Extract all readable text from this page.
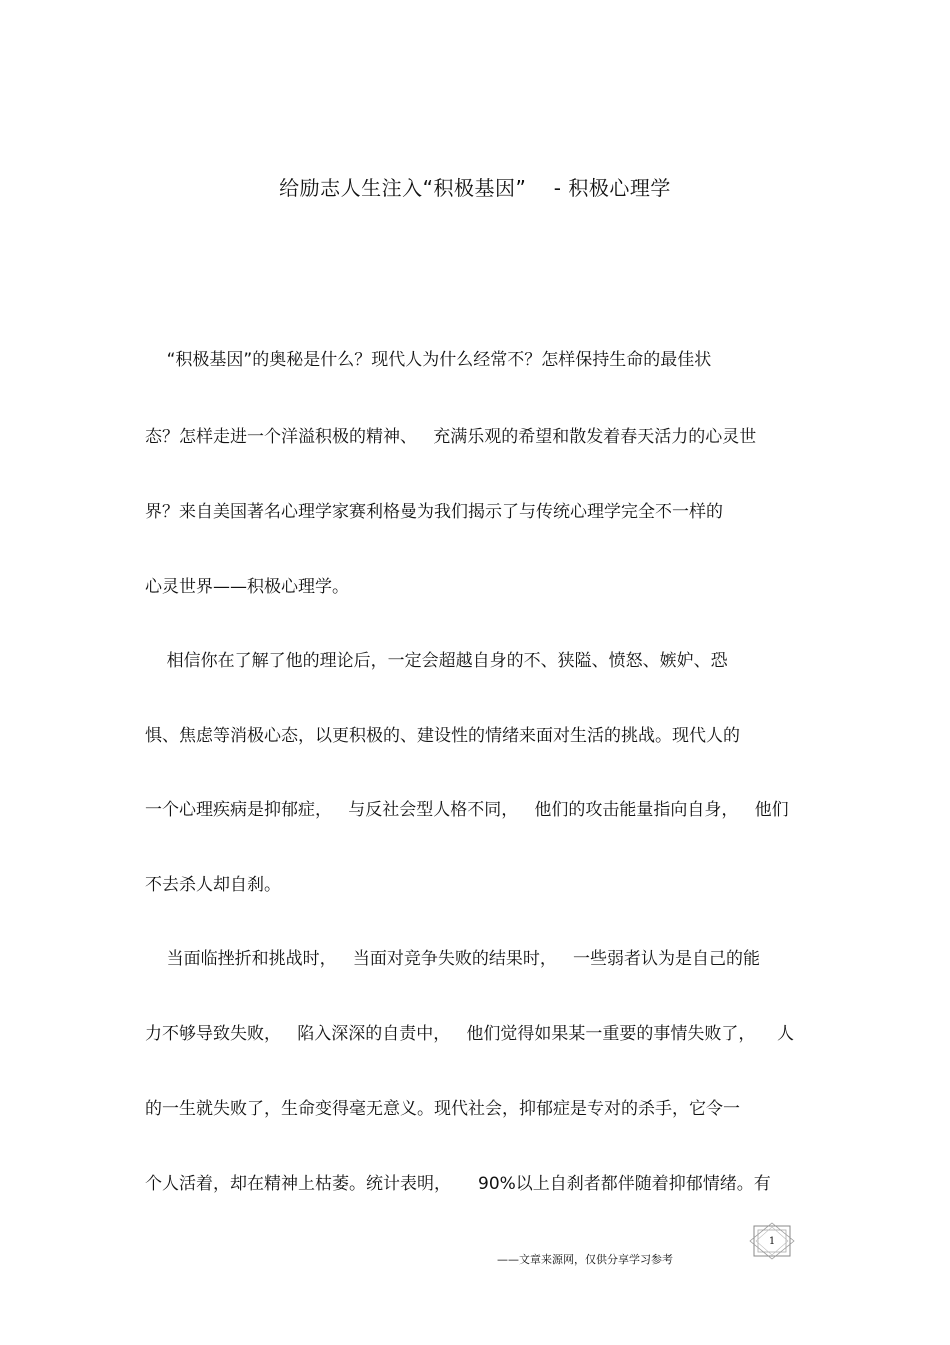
给励志人生注入“积极基因”    - 积极心理学
“积极基因”的奥秘是什么？现代人为什么经常不？怎样保持生命的最佳状
态？怎样走进一个洋溢积极的精神、   充满乐观的希望和散发着春天活力的心灵世
界？来自美国著名心理学家赛利格曼为我们揭示了与传统心理学完全不一样的
心灵世界——积极心理学。
相信你在了解了他的理论后，一定会超越自身的不、狭隘、愤怒、嫉妒、恐
惧、焦虑等消极心态，以更积极的、建设性的情绪来面对生活的挑战。现代人的
一个心理疾病是抑郁症，   与反社会型人格不同，   他们的攻击能量指向自身，   他们
不去杀人却自刹。
当面临挫折和挑战时，   当面对竞争失败的结果时，   一些弱者认为是自己的能
力不够导致失败，   陷入深深的自责中，   他们觉得如果某一重要的事情失败了，    人
的一生就失败了，生命变得毫无意义。现代社会，抑郁症是专对的杀手，它令一
个人活着，却在精神上枯萎。统计表明，     90%以上自刹者都伴随着抑郁情绪。有
1
——文章来源网，仅供分享学习参考
